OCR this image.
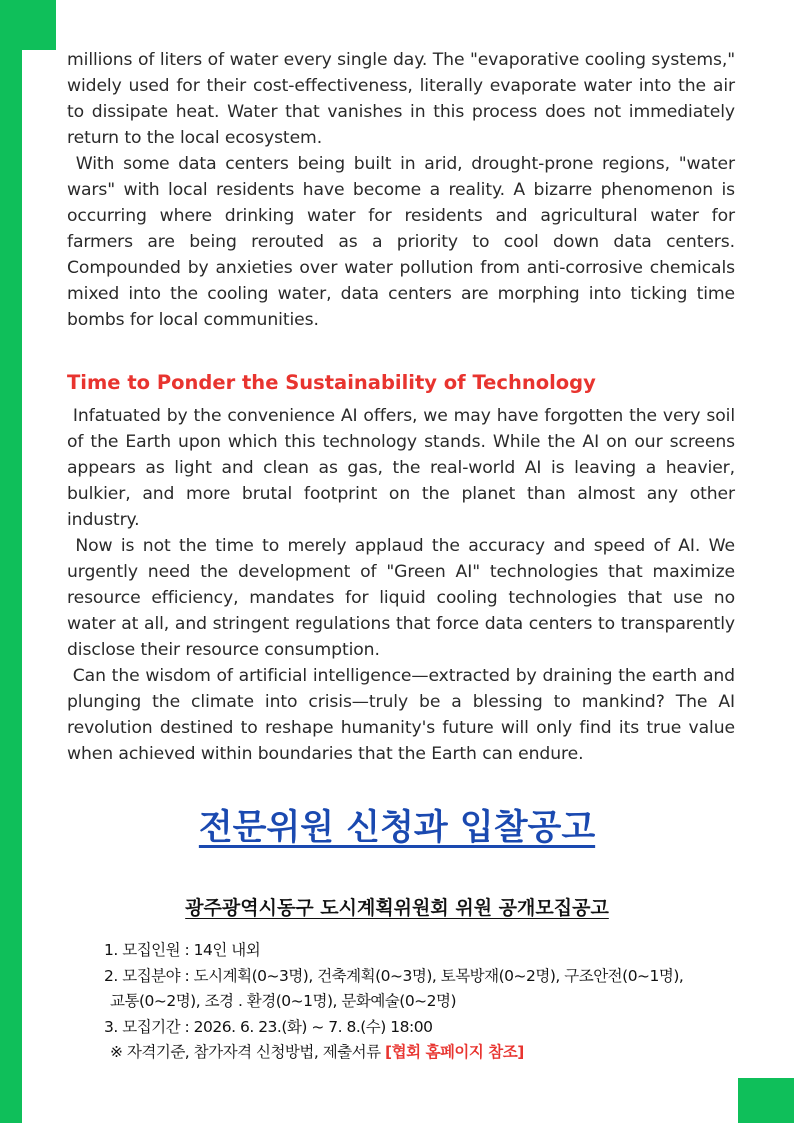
millions of liters of water every single day. The "evaporative cooling systems," widely used for their cost-effectiveness, literally evaporate water into the air to dissipate heat. Water that vanishes in this process does not immediately return to the local ecosystem.

With some data centers being built in arid, drought-prone regions, "water wars" with local residents have become a reality. A bizarre phenomenon is occurring where drinking water for residents and agricultural water for farmers are being rerouted as a priority to cool down data centers. Compounded by anxieties over water pollution from anti-corrosive chemicals mixed into the cooling water, data centers are morphing into ticking time bombs for local communities.

Time to Ponder the Sustainability of Technology

Infatuated by the convenience AI offers, we may have forgotten the very soil of the Earth upon which this technology stands. While the AI on our screens appears as light and clean as gas, the real-world AI is leaving a heavier, bulkier, and more brutal footprint on the planet than almost any other industry.

Now is not the time to merely applaud the accuracy and speed of AI. We urgently need the development of "Green AI" technologies that maximize resource efficiency, mandates for liquid cooling technologies that use no water at all, and stringent regulations that force data centers to transparently disclose their resource consumption.

Can the wisdom of artificial intelligence—extracted by draining the earth and plunging the climate into crisis—truly be a blessing to mankind? The AI revolution destined to reshape humanity's future will only find its true value when achieved within boundaries that the Earth can endure.

전문위원 신청과 입찰공고
광주광역시동구 도시계획위원회 위원 공개모집공고
1. 모집인원 : 14인 내외
2. 모집분야 : 도시계획(0~3명), 건축계획(0~3명), 토목방재(0~2명), 구조안전(0~1명),
교통(0~2명), 조경 . 환경(0~1명), 문화예술(0~2명)
3. 모집기간 : 2026. 6. 23.(화) ~ 7. 8.(수) 18:00
※ 자격기준, 참가자격 신청방법, 제출서류 [협회 홈페이지 참조]
